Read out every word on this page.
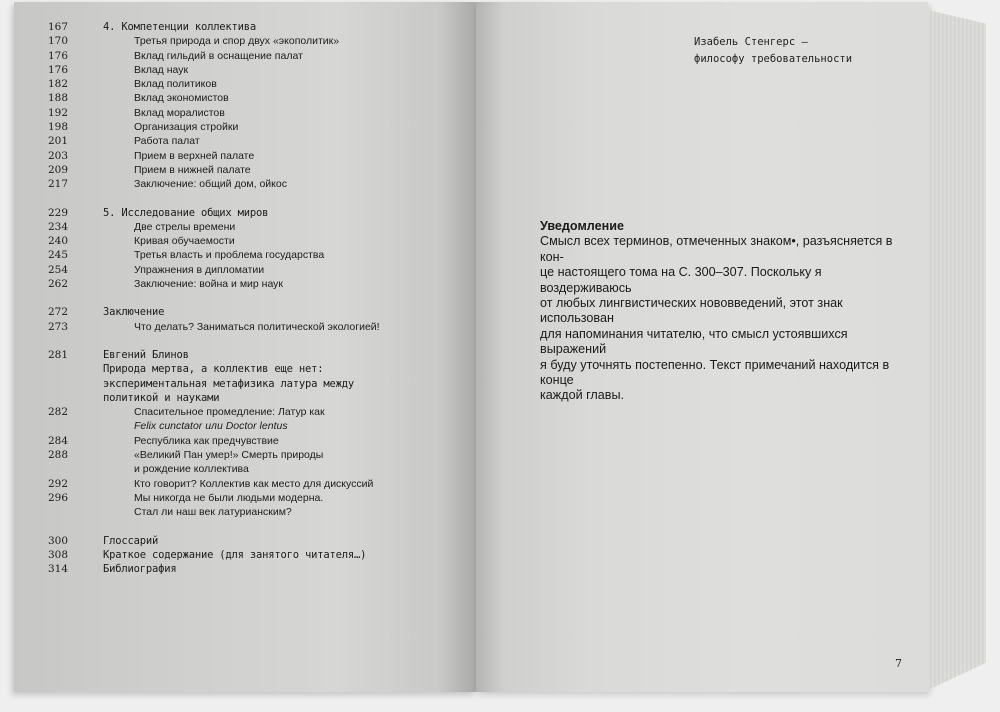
167	4. Компетенции коллектива
170	Третья природа и спор двух «экополитик»
176	Вклад гильдий в оснащение палат
176	Вклад наук
182	Вклад политиков
188	Вклад экономистов
192	Вклад моралистов
198	Организация стройки
201	Работа палат
203	Прием в верхней палате
209	Прием в нижней палате
217	Заключение: общий дом, ойкос
229	5. Исследование общих миров
234	Две стрелы времени
240	Кривая обучаемости
245	Третья власть и проблема государства
254	Упражнения в дипломатии
262	Заключение: война и мир наук
272	Заключение
273	Что делать? Заниматься политической экологией!
281	Евгений Блинов
Природа мертва, а коллектив еще нет:
экспериментальная метафизика латура между
политикой и науками
282	Спасительное промедление: Латур как
Felix cunctator или Doctor lentus
284	Республика как предчувствие
288	«Великий Пан умер!» Смерть природы
и рождение коллектива
292	Кто говорит? Коллектив как место для дискуссий
296	Мы никогда не были людьми модерна.
Стал ли наш век латурианским?
300	Глоссарий
308	Краткое содержание (для занятого читателя…)
314	Библиография
Изабель Стенгерс —
философу требовательности
Уведомление

Смысл всех терминов, отмеченных знаком•, разъясняется в кон-

це настоящего тома на С. 300–307. Поскольку я воздерживаюсь

от любых лингвистических нововведений, этот знак использован

для напоминания читателю, что смысл устоявшихся выражений

я буду уточнять постепенно. Текст примечаний находится в конце

каждой главы.

7
